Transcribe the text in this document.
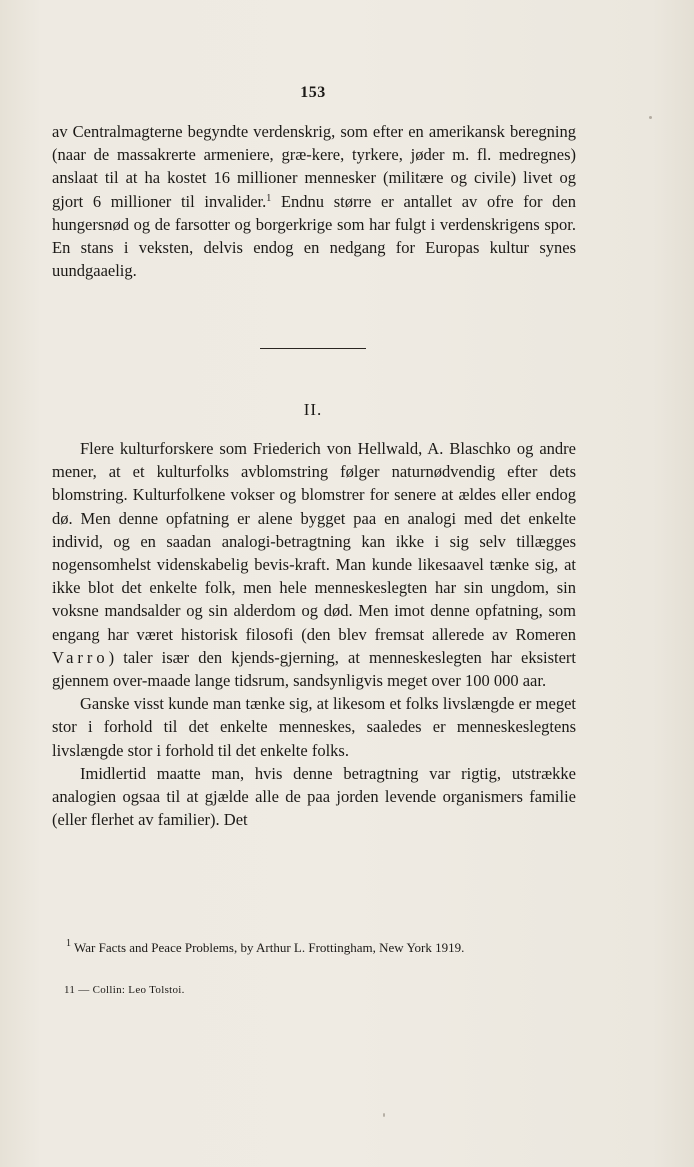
153

av Centralmagterne begyndte verdenskrig, som efter en amerikansk beregning (naar de massakrerte armeniere, græ-kere, tyrkere, jøder m. fl. medregnes) anslaat til at ha kostet 16 millioner mennesker (militære og civile) livet og gjort 6 millioner til invalider.$^1$ Endnu større er antallet av ofre for den hungersnød og de farsotter og borgerkrige som har fulgt i verdenskrigens spor. En stans i veksten, delvis endog en nedgang for Europas kultur synes uundgaaelig.

II.

Flere kulturforskere som Friederich von Hellwald, A. Blaschko og andre mener, at et kulturfolks avblomstring følger naturnødvendig efter dets blomstring. Kulturfolkene vokser og blomstrer for senere at ældes eller endog dø. Men denne opfatning er alene bygget paa en analogi med det enkelte individ, og en saadan analogi-betragtning kan ikke i sig selv tillægges nogensomhelst videnskabelig bevis-kraft. Man kunde likesaavel tænke sig, at ikke blot det enkelte folk, men hele menneskeslegten har sin ungdom, sin voksne mandsalder og sin alderdom og død. Men imot denne opfatning, som engang har været historisk filosofi (den blev fremsat allerede av Romeren Varro) taler især den kjends-gjerning, at menneskeslegten har eksistert gjennem over-maade lange tidsrum, sandsynligvis meget over 100 000 aar.

Ganske visst kunde man tænke sig, at likesom et folks livslængde er meget stor i forhold til det enkelte menneskes, saaledes er menneskeslegtens livslængde stor i forhold til det enkelte folks.

Imidlertid maatte man, hvis denne betragtning var rigtig, utstrække analogien ogsaa til at gjælde alle de paa jorden levende organismers familie (eller flerhet av familier). Det

$^1$ War Facts and Peace Problems, by Arthur L. Frottingham, New York 1919.

11 — Collin: Leo Tolstoi.
